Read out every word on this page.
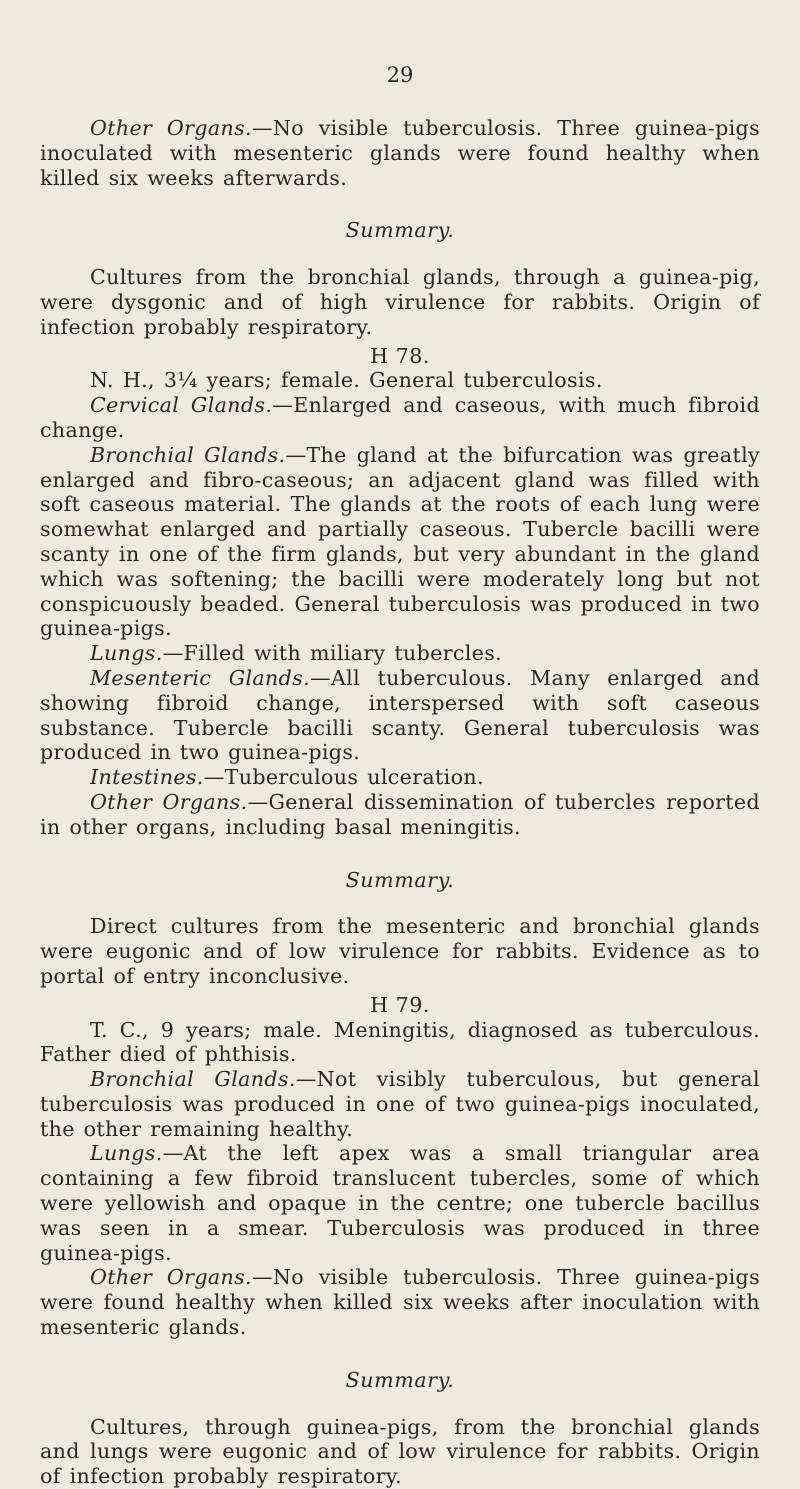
29

Other Organs.—No visible tuberculosis. Three guinea-pigs inoculated with mesenteric glands were found healthy when killed six weeks afterwards.

Summary.

Cultures from the bronchial glands, through a guinea-pig, were dysgonic and of high virulence for rabbits. Origin of infection probably respiratory.

H 78.

N. H., 3¼ years; female. General tuberculosis.

Cervical Glands.—Enlarged and caseous, with much fibroid change.

Bronchial Glands.—The gland at the bifurcation was greatly enlarged and fibro-caseous; an adjacent gland was filled with soft caseous material. The glands at the roots of each lung were somewhat enlarged and partially caseous. Tubercle bacilli were scanty in one of the firm glands, but very abundant in the gland which was softening; the bacilli were moderately long but not conspicuously beaded. General tuberculosis was produced in two guinea-pigs.

Lungs.—Filled with miliary tubercles.

Mesenteric Glands.—All tuberculous. Many enlarged and showing fibroid change, interspersed with soft caseous substance. Tubercle bacilli scanty. General tuberculosis was produced in two guinea-pigs.

Intestines.—Tuberculous ulceration.

Other Organs.—General dissemination of tubercles reported in other organs, including basal meningitis.

Summary.

Direct cultures from the mesenteric and bronchial glands were eugonic and of low virulence for rabbits. Evidence as to portal of entry inconclusive.

H 79.

T. C., 9 years; male. Meningitis, diagnosed as tuberculous. Father died of phthisis.

Bronchial Glands.—Not visibly tuberculous, but general tuberculosis was produced in one of two guinea-pigs inoculated, the other remaining healthy.

Lungs.—At the left apex was a small triangular area containing a few fibroid translucent tubercles, some of which were yellowish and opaque in the centre; one tubercle bacillus was seen in a smear. Tuberculosis was produced in three guinea-pigs.

Other Organs.—No visible tuberculosis. Three guinea-pigs were found healthy when killed six weeks after inoculation with mesenteric glands.

Summary.

Cultures, through guinea-pigs, from the bronchial glands and lungs were eugonic and of low virulence for rabbits. Origin of infection probably respiratory.
